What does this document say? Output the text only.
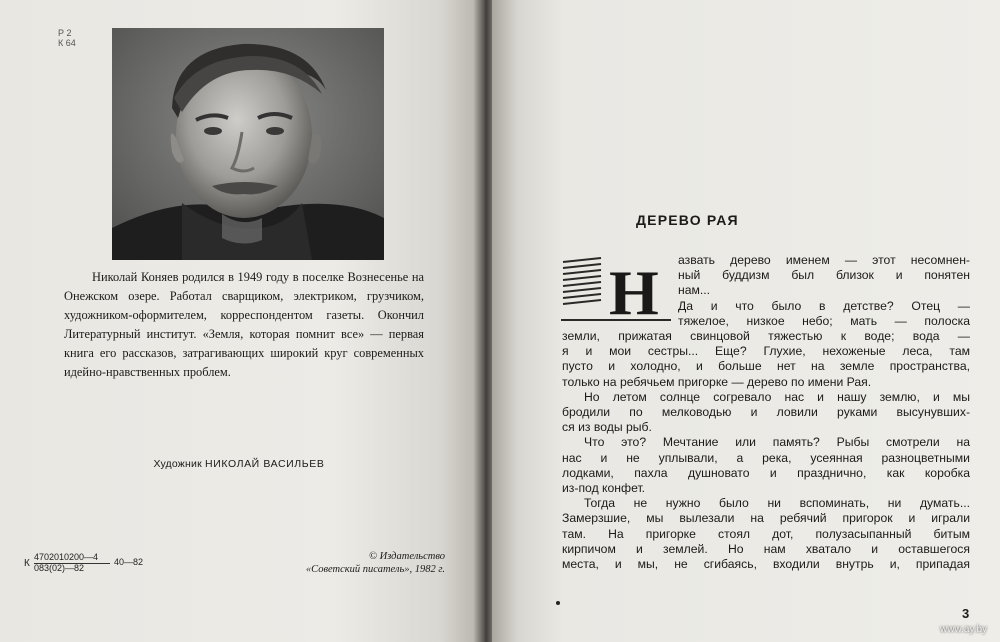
Р 2
К 64

Николай Коняев родился в 1949 году в поселке Вознесенье на Онежском озере. Работал сварщиком, электриком, грузчиком, художником-оформителем, корреспондентом газеты. Окончил Литературный институт. «Земля, которая помнит все» — первая книга его рассказов, затрагивающих широкий круг современных идейно-нравственных проблем.

Художник НИКОЛАЙ ВАСИЛЬЕВ
К
4702010200—4
083(02)—82
40—82	© Издательство
«Советский писатель», 1982 г.
ДЕРЕВО РАЯ
Н	азвать дерево именем — этот несомнен-
ный буддизм был близок и понятен
нам...

Да и что было в детстве? Отец —
тяжелое, низкое небо; мать — полоска
земли, прижатая свинцовой тяжестью к воде; вода —
я и мои сестры... Еще? Глухие, нехоженые леса, там
пусто и холодно, и больше нет на земле пространства,
только на ребячьем пригорке — дерево по имени Рая.

Но летом солнце согревало нас и нашу землю, и мы
бродили по мелководью и ловили руками высунувших-
ся из воды рыб.

Что это? Мечтание или память? Рыбы смотрели на
нас и не уплывали, а река, усеянная разноцветными
лодками, пахла душновато и празднично, как коробка
из-под конфет.

Тогда не нужно было ни вспоминать, ни думать...
Замерзшие, мы вылезали на ребячий пригорок и играли
там. На пригорке стоял дот, полузасыпанный битым
кирпичом и землей. Но нам хватало и оставшегося
места, и мы, не сгибаясь, входили внутрь и, припадая

3
www.ay.by
